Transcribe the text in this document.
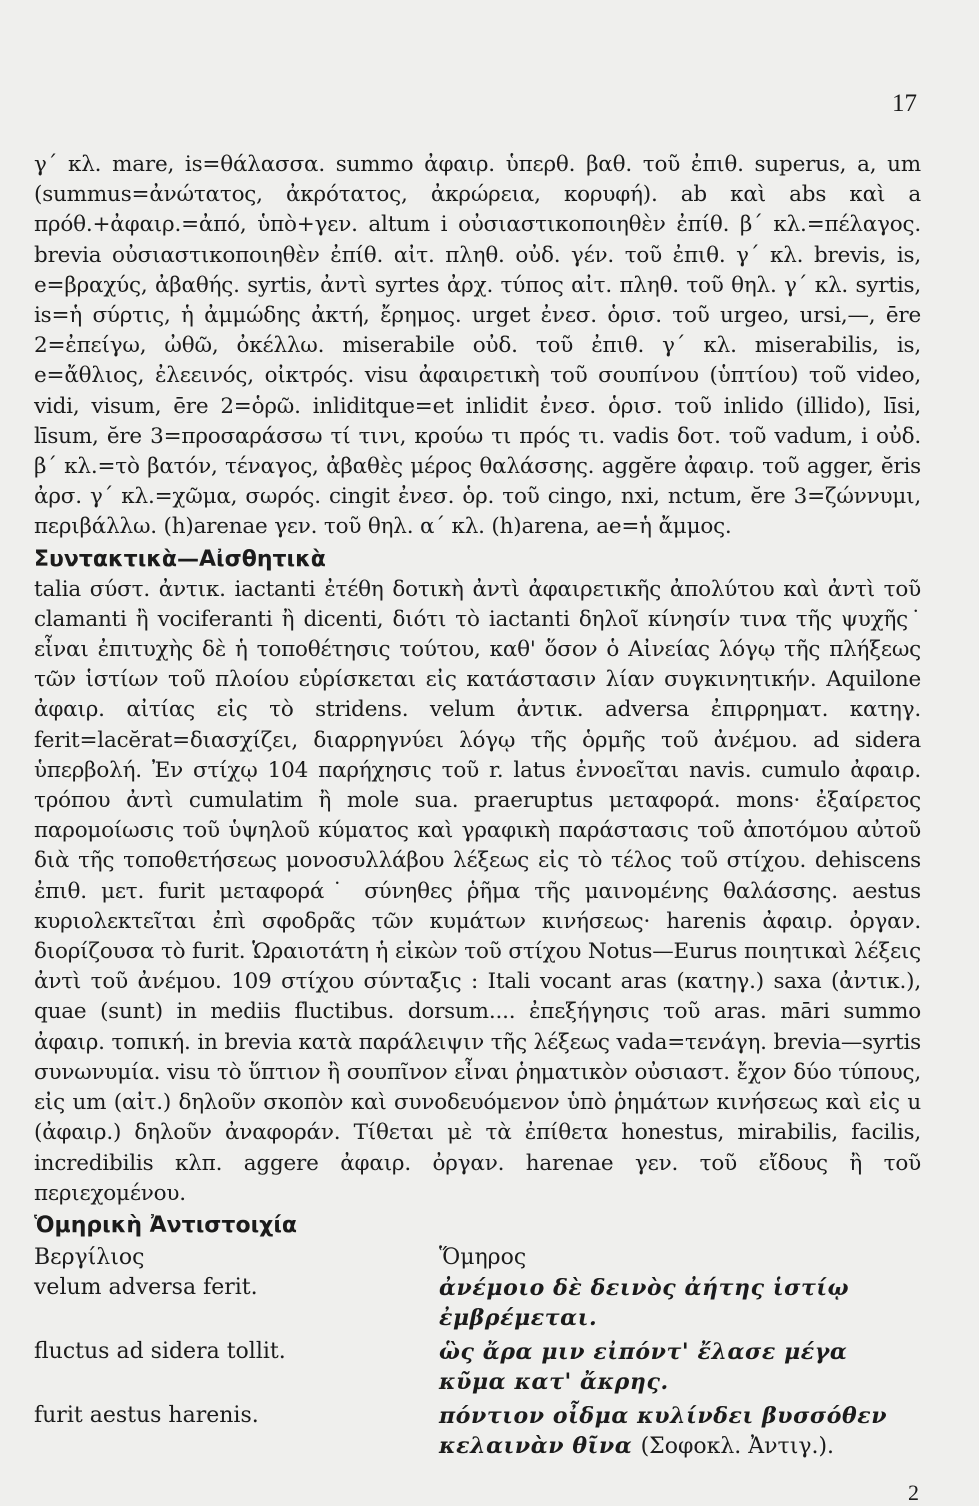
17

γ΄ κλ. mare, is=θάλασσα. summo ἀφαιρ. ὑπερθ. βαθ. τοῦ ἐπιθ. superus, a, um (summus=ἀνώτατος, ἀκρότατος, ἀκρώρεια, κορυφή). ab καὶ abs καὶ a πρόθ.+ἀφαιρ.=ἀπό, ὑπὸ+γεν. altum i οὐσιαστικοποιηθὲν ἐπίθ. β΄ κλ.=πέλαγος. brevia οὐσιαστικοποιηθὲν ἐπίθ. αἰτ. πληθ. οὐδ. γέν. τοῦ ἐπιθ. γ΄ κλ. brevis, is, e=βραχύς, ἀβαθής. syrtis, ἀντὶ syrtes ἀρχ. τύπος αἰτ. πληθ. τοῦ θηλ. γ΄ κλ. syrtis, is=ἡ σύρτις, ἡ ἀμμώδης ἀκτή, ἔρημος. urget ἐνεσ. ὁρισ. τοῦ urgeo, ursi,—, ēre 2=ἐπείγω, ὠθῶ, ὀκέλλω. miserabile οὐδ. τοῦ ἐπιθ. γ΄ κλ. miserabilis, is, e=ἄθλιος, ἐλεεινός, οἰκτρός. visu ἀφαιρετικὴ τοῦ σουπίνου (ὑπτίου) τοῦ video, vidi, visum, ēre 2=ὁρῶ. inliditque=et inlidit ἐνεσ. ὁρισ. τοῦ inlido (illido), līsi, līsum, ĕre 3=προσαράσσω τί τινι, κρούω τι πρός τι. vadis δοτ. τοῦ vadum, i οὐδ. β΄ κλ.=τὸ βατόν, τέναγος, ἀβαθὲς μέρος θαλάσσης. aggĕre ἀφαιρ. τοῦ agger, ĕris ἀρσ. γ΄ κλ.=χῶμα, σωρός. cingit ἐνεσ. ὁρ. τοῦ cingo, nxi, nctum, ĕre 3=ζώννυμι, περιβάλλω. (h)arenae γεν. τοῦ θηλ. α΄ κλ. (h)arena, ae=ἡ ἄμμος.

Συντακτικὰ—Αἰσθητικὰ

talia σύστ. ἀντικ. iactanti ἐτέθη δοτικὴ ἀντὶ ἀφαιρετικῆς ἀπολύτου καὶ ἀντὶ τοῦ clamanti ἢ vociferanti ἢ dicenti, διότι τὸ iactanti δηλοῖ κίνησίν τινα τῆς ψυχῆς˙ εἶναι ἐπιτυχὴς δὲ ἡ τοποθέτησις τούτου, καθ' ὅσον ὁ Αἰνείας λόγῳ τῆς πλήξεως τῶν ἱστίων τοῦ πλοίου εὑρίσκεται εἰς κατάστασιν λίαν συγκινητικήν. Aquilone ἀφαιρ. αἰτίας εἰς τὸ stridens. velum ἀντικ. adversa ἐπιρρηματ. κατηγ. ferit=lacĕrat=διασχίζει, διαρρηγνύει λόγῳ τῆς ὁρμῆς τοῦ ἀνέμου. ad sidera ὑπερβολή. Ἐν στίχῳ 104 παρήχησις τοῦ r. latus ἐννοεῖται navis. cumulo ἀφαιρ. τρόπου ἀντὶ cumulatim ἢ mole sua. praeruptus μεταφορά. mons· ἐξαίρετος παρομοίωσις τοῦ ὑψηλοῦ κύματος καὶ γραφικὴ παράστασις τοῦ ἀποτόμου αὐτοῦ διὰ τῆς τοποθετήσεως μονοσυλλάβου λέξεως εἰς τὸ τέλος τοῦ στίχου. dehiscens ἐπιθ. μετ. furit μεταφορά˙ σύνηθες ῥῆμα τῆς μαινομένης θαλάσσης. aestus κυριολεκτεῖται ἐπὶ σφοδρᾶς τῶν κυμάτων κινήσεως· harenis ἀφαιρ. ὀργαν. διορίζουσα τὸ furit. Ὡραιοτάτη ἡ εἰκὼν τοῦ στίχου Notus—Eurus ποιητικαὶ λέξεις ἀντὶ τοῦ ἀνέμου. 109 στίχου σύνταξις : Itali vocant aras (κατηγ.) saxa (ἀντικ.), quae (sunt) in mediis fluctibus. dorsum.... ἐπεξήγησις τοῦ aras. māri summo ἀφαιρ. τοπική. in brevia κατὰ παράλειψιν τῆς λέξεως vada=τενάγη. brevia—syrtis συνωνυμία. visu τὸ ὕπτιον ἢ σουπῖνον εἶναι ῥηματικὸν οὐσιαστ. ἔχον δύο τύπους, εἰς um (αἰτ.) δηλοῦν σκοπὸν καὶ συνοδευόμενον ὑπὸ ῥημάτων κινήσεως καὶ εἰς u (ἀφαιρ.) δηλοῦν ἀναφοράν. Τίθεται μὲ τὰ ἐπίθετα honestus, mirabilis, facilis, incredibilis κλπ. aggere ἀφαιρ. ὀργαν. harenae γεν. τοῦ εἴδους ἢ τοῦ περιεχομένου.

Ὁμηρικὴ Ἀντιστοιχία
Βεργίλιος	Ὅμηρος
velum adversa ferit.	ἀνέμοιο δὲ δεινὸς ἀήτης ἱστίῳ ἐμβρέμεται.
fluctus ad sidera tollit.	ὣς ἄρα μιν εἰπόντ' ἔλασε μέγα κῦμα κατ' ἄκρης.
furit aestus harenis.	πόντιον οἶδμα κυλίνδει βυσσόθεν κελαινὰν θῖνα (Σοφοκλ. Ἀντιγ.).
2
